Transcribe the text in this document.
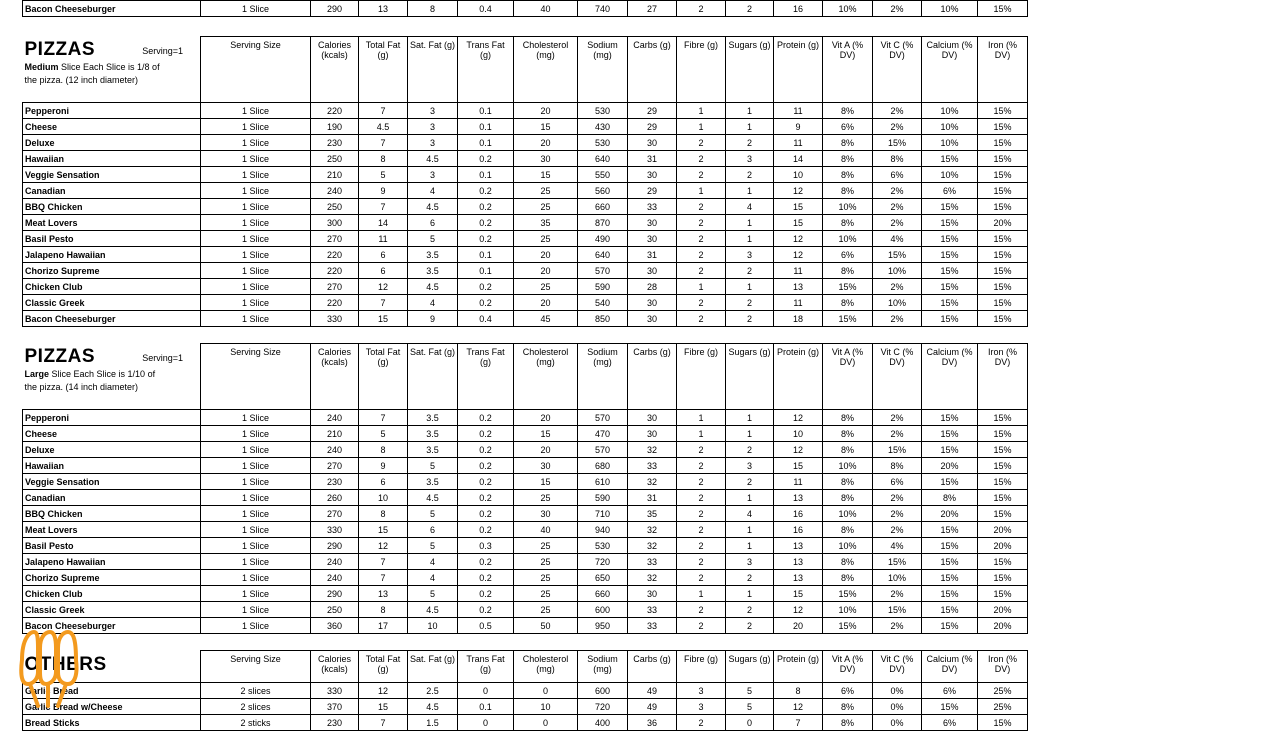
Bacon Cheeseburger	1 Slice	290	13	8	0.4	40	740	27	2	2	16	10%	2%	10%	15%
PIZZAS Serving=1
Medium Slice Each Slice is 1/8 of
the pizza. (12 inch diameter)	Serving Size	Calories (kcals)	Total Fat (g)	Sat. Fat (g)	Trans Fat (g)	Cholesterol (mg)	Sodium (mg)	Carbs (g)	Fibre (g)	Sugars (g)	Protein (g)	Vit A (% DV)	Vit C (% DV)	Calcium (% DV)	Iron (% DV)
Pepperoni	1 Slice	220	7	3	0.1	20	530	29	1	1	11	8%	2%	10%	15%
Cheese	1 Slice	190	4.5	3	0.1	15	430	29	1	1	9	6%	2%	10%	15%
Deluxe	1 Slice	230	7	3	0.1	20	530	30	2	2	11	8%	15%	10%	15%
Hawaiian	1 Slice	250	8	4.5	0.2	30	640	31	2	3	14	8%	8%	15%	15%
Veggie Sensation	1 Slice	210	5	3	0.1	15	550	30	2	2	10	8%	6%	10%	15%
Canadian	1 Slice	240	9	4	0.2	25	560	29	1	1	12	8%	2%	6%	15%
BBQ Chicken	1 Slice	250	7	4.5	0.2	25	660	33	2	4	15	10%	2%	15%	15%
Meat Lovers	1 Slice	300	14	6	0.2	35	870	30	2	1	15	8%	2%	15%	20%
Basil Pesto	1 Slice	270	11	5	0.2	25	490	30	2	1	12	10%	4%	15%	15%
Jalapeno Hawaiian	1 Slice	220	6	3.5	0.1	20	640	31	2	3	12	6%	15%	15%	15%
Chorizo Supreme	1 Slice	220	6	3.5	0.1	20	570	30	2	2	11	8%	10%	15%	15%
Chicken Club	1 Slice	270	12	4.5	0.2	25	590	28	1	1	13	15%	2%	15%	15%
Classic Greek	1 Slice	220	7	4	0.2	20	540	30	2	2	11	8%	10%	15%	15%
Bacon Cheeseburger	1 Slice	330	15	9	0.4	45	850	30	2	2	18	15%	2%	15%	15%
PIZZAS Serving=1
Large Slice Each Slice is 1/10 of
the pizza. (14 inch diameter)	Serving Size	Calories (kcals)	Total Fat (g)	Sat. Fat (g)	Trans Fat (g)	Cholesterol (mg)	Sodium (mg)	Carbs (g)	Fibre (g)	Sugars (g)	Protein (g)	Vit A (% DV)	Vit C (% DV)	Calcium (% DV)	Iron (% DV)
Pepperoni	1 Slice	240	7	3.5	0.2	20	570	30	1	1	12	8%	2%	15%	15%
Cheese	1 Slice	210	5	3.5	0.2	15	470	30	1	1	10	8%	2%	15%	15%
Deluxe	1 Slice	240	8	3.5	0.2	20	570	32	2	2	12	8%	15%	15%	15%
Hawaiian	1 Slice	270	9	5	0.2	30	680	33	2	3	15	10%	8%	20%	15%
Veggie Sensation	1 Slice	230	6	3.5	0.2	15	610	32	2	2	11	8%	6%	15%	15%
Canadian	1 Slice	260	10	4.5	0.2	25	590	31	2	1	13	8%	2%	8%	15%
BBQ Chicken	1 Slice	270	8	5	0.2	30	710	35	2	4	16	10%	2%	20%	15%
Meat Lovers	1 Slice	330	15	6	0.2	40	940	32	2	1	16	8%	2%	15%	20%
Basil Pesto	1 Slice	290	12	5	0.3	25	530	32	2	1	13	10%	4%	15%	20%
Jalapeno Hawaiian	1 Slice	240	7	4	0.2	25	720	33	2	3	13	8%	15%	15%	15%
Chorizo Supreme	1 Slice	240	7	4	0.2	25	650	32	2	2	13	8%	10%	15%	15%
Chicken Club	1 Slice	290	13	5	0.2	25	660	30	1	1	15	15%	2%	15%	15%
Classic Greek	1 Slice	250	8	4.5	0.2	25	600	33	2	2	12	10%	15%	15%	20%
Bacon Cheeseburger	1 Slice	360	17	10	0.5	50	950	33	2	2	20	15%	2%	15%	20%
OTHERS	Serving Size	Calories (kcals)	Total Fat (g)	Sat. Fat (g)	Trans Fat (g)	Cholesterol (mg)	Sodium (mg)	Carbs (g)	Fibre (g)	Sugars (g)	Protein (g)	Vit A (% DV)	Vit C (% DV)	Calcium (% DV)	Iron (% DV)
Garlic Bread	2 slices	330	12	2.5	0	0	600	49	3	5	8	6%	0%	6%	25%
Garlic Bread w/Cheese	2 slices	370	15	4.5	0.1	10	720	49	3	5	12	8%	0%	15%	25%
Bread Sticks	2 sticks	230	7	1.5	0	0	400	36	2	0	7	8%	0%	6%	15%
